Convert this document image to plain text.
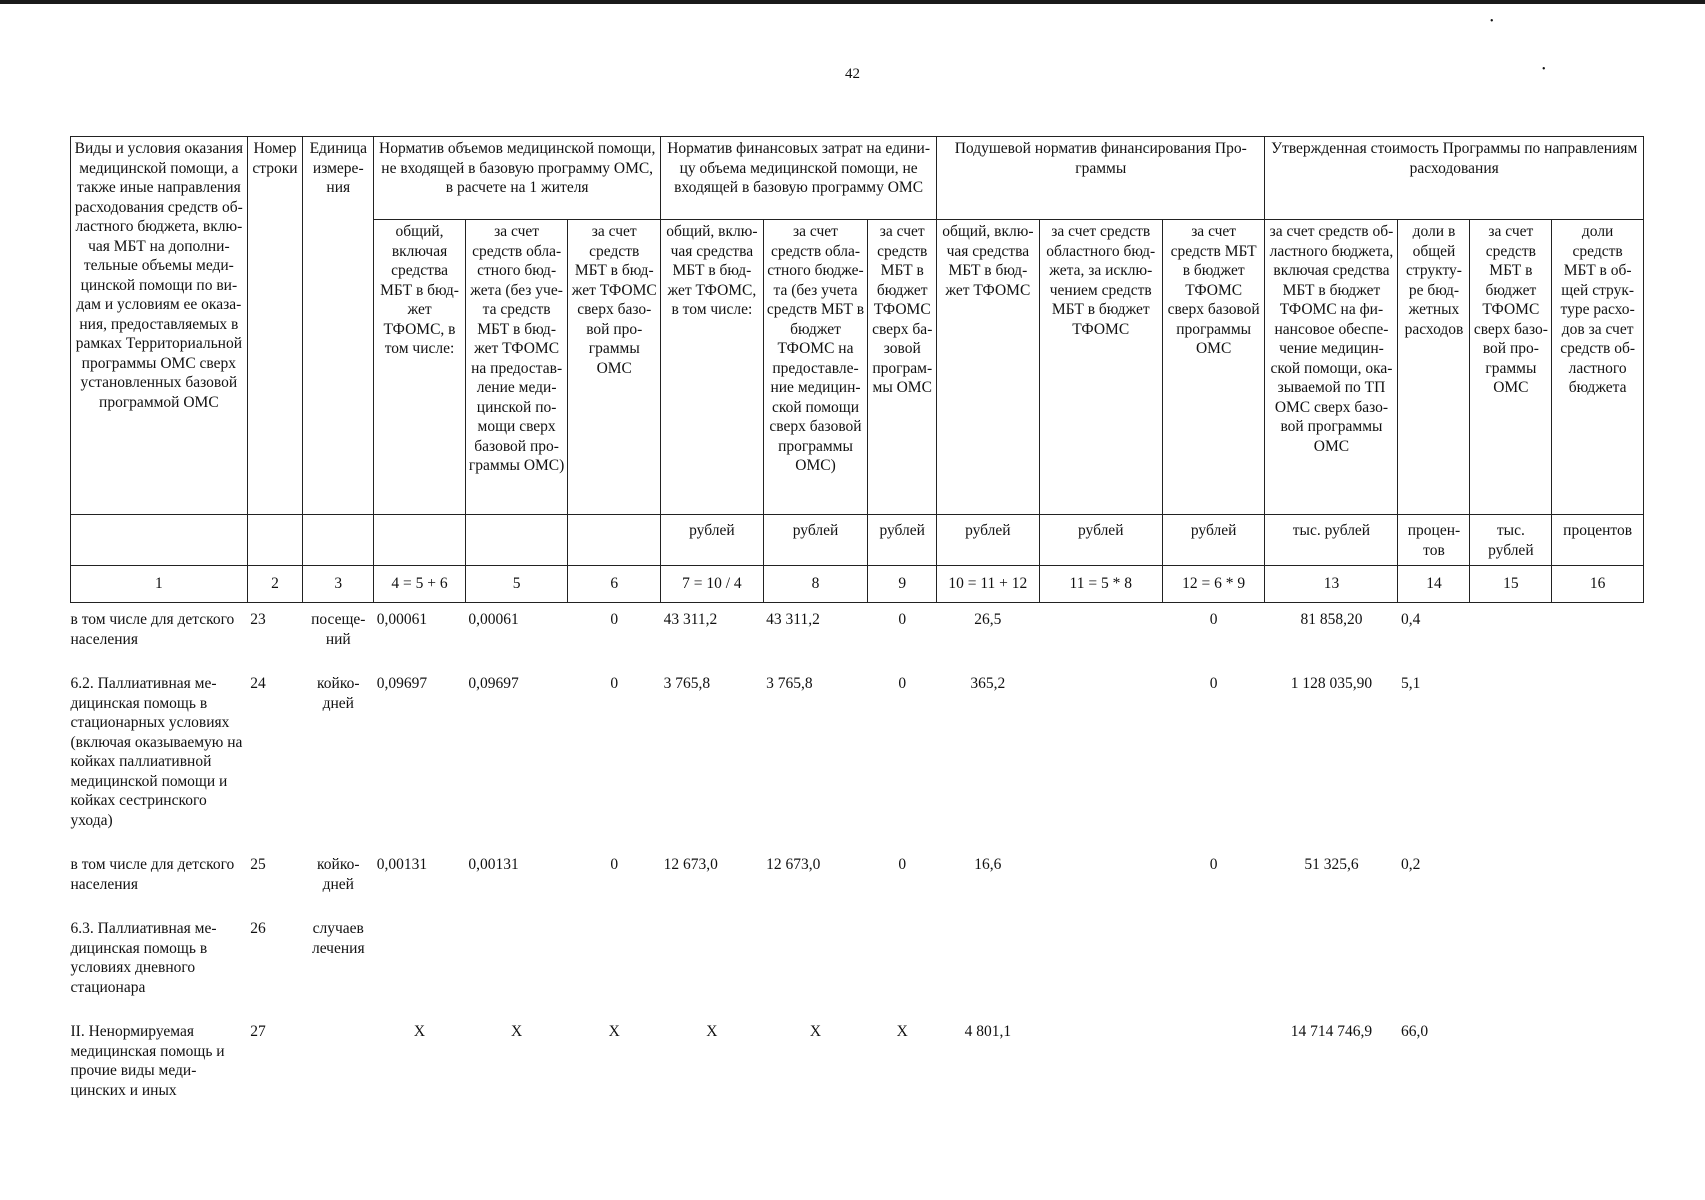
42
•
•
Виды и условия оказания медицинской помощи, а также иные направления расходования средств областного бюджета, включая МБТ на дополнительные объемы медицинской помощи по видам и условиям ее оказания, предоставляемых в рамках Территориальной программы ОМС сверх установленных базовой программой ОМС	Номер строки	Единица измерения	Норматив объемов медицинской помощи, не входящей в базовую программу ОМС, в расчете на 1 жителя			Норматив финансовых затрат на единицу объема медицинской помощи, не входящей в базовую программу ОМС			Подушевой норматив финансирования Программы			Утвержденная стоимость Программы по направлениям расходования			
			общий, включая средства МБТ в бюджет ТФОМС, в том числе:	за счет средств областного бюджета (без учета средств МБТ в бюджет ТФОМС на предоставление медицинской помощи сверх базовой программы ОМС)	за счет средств МБТ в бюджет ТФОМС сверх базовой программы ОМС	общий, включая средства МБТ в бюджет ТФОМС, в том числе:	за счет средств областного бюджета (без учета средств МБТ в бюджет ТФОМС на предоставление медицинской помощи сверх базовой программы ОМС)	за счет средств МБТ в бюджет ТФОМС сверх базовой программы ОМС	общий, включая средства МБТ в бюджет ТФОМС	за счет средств областного бюджета, за исключением средств МБТ в бюджет ТФОМС	за счет средств МБТ в бюджет ТФОМС сверх базовой программы ОМС	за счет средств областного бюджета, включая средства МБТ в бюджет ТФОМС на финансовое обеспечение медицинской помощи, оказываемой по ТП ОМС сверх базовой программы ОМС	доли в общей структуре бюджетных расходов	за счет средств МБТ в бюджет ТФОМС сверх базовой программы ОМС	доли средств МБТ в общей структуре расходов за счет средств областного бюджета
						рублей	рублей	рублей	рублей	рублей	рублей	тыс. рублей	процентов	тыс. рублей	процентов
1	2	3	4 = 5 + 6	5	6	7 = 10 / 4	8	9	10 = 11 + 12	11 = 5 * 8	12 = 6 * 9	13	14	15	16
в том числе для детского населения	23	посещений	0,00061	0,00061	0	43 311,2	43 311,2	0	26,5		0	81 858,20	0,4		
6.2. Паллиативная медицинская помощь в стационарных условиях (включая оказываемую на койках паллиативной медицинской помощи и койках сестринского ухода)	24	койко-дней	0,09697	0,09697	0	3 765,8	3 765,8	0	365,2		0	1 128 035,90	5,1		
в том числе для детского населения	25	койко-дней	0,00131	0,00131	0	12 673,0	12 673,0	0	16,6		0	51 325,6	0,2		
6.3. Паллиативная медицинская помощь в условиях дневного стационара	26	случаев лечения													
II. Ненормируемая медицинская помощь и прочие виды медицинских и иных	27		X	X	X	X	X	X	4 801,1			14 714 746,9	66,0		
